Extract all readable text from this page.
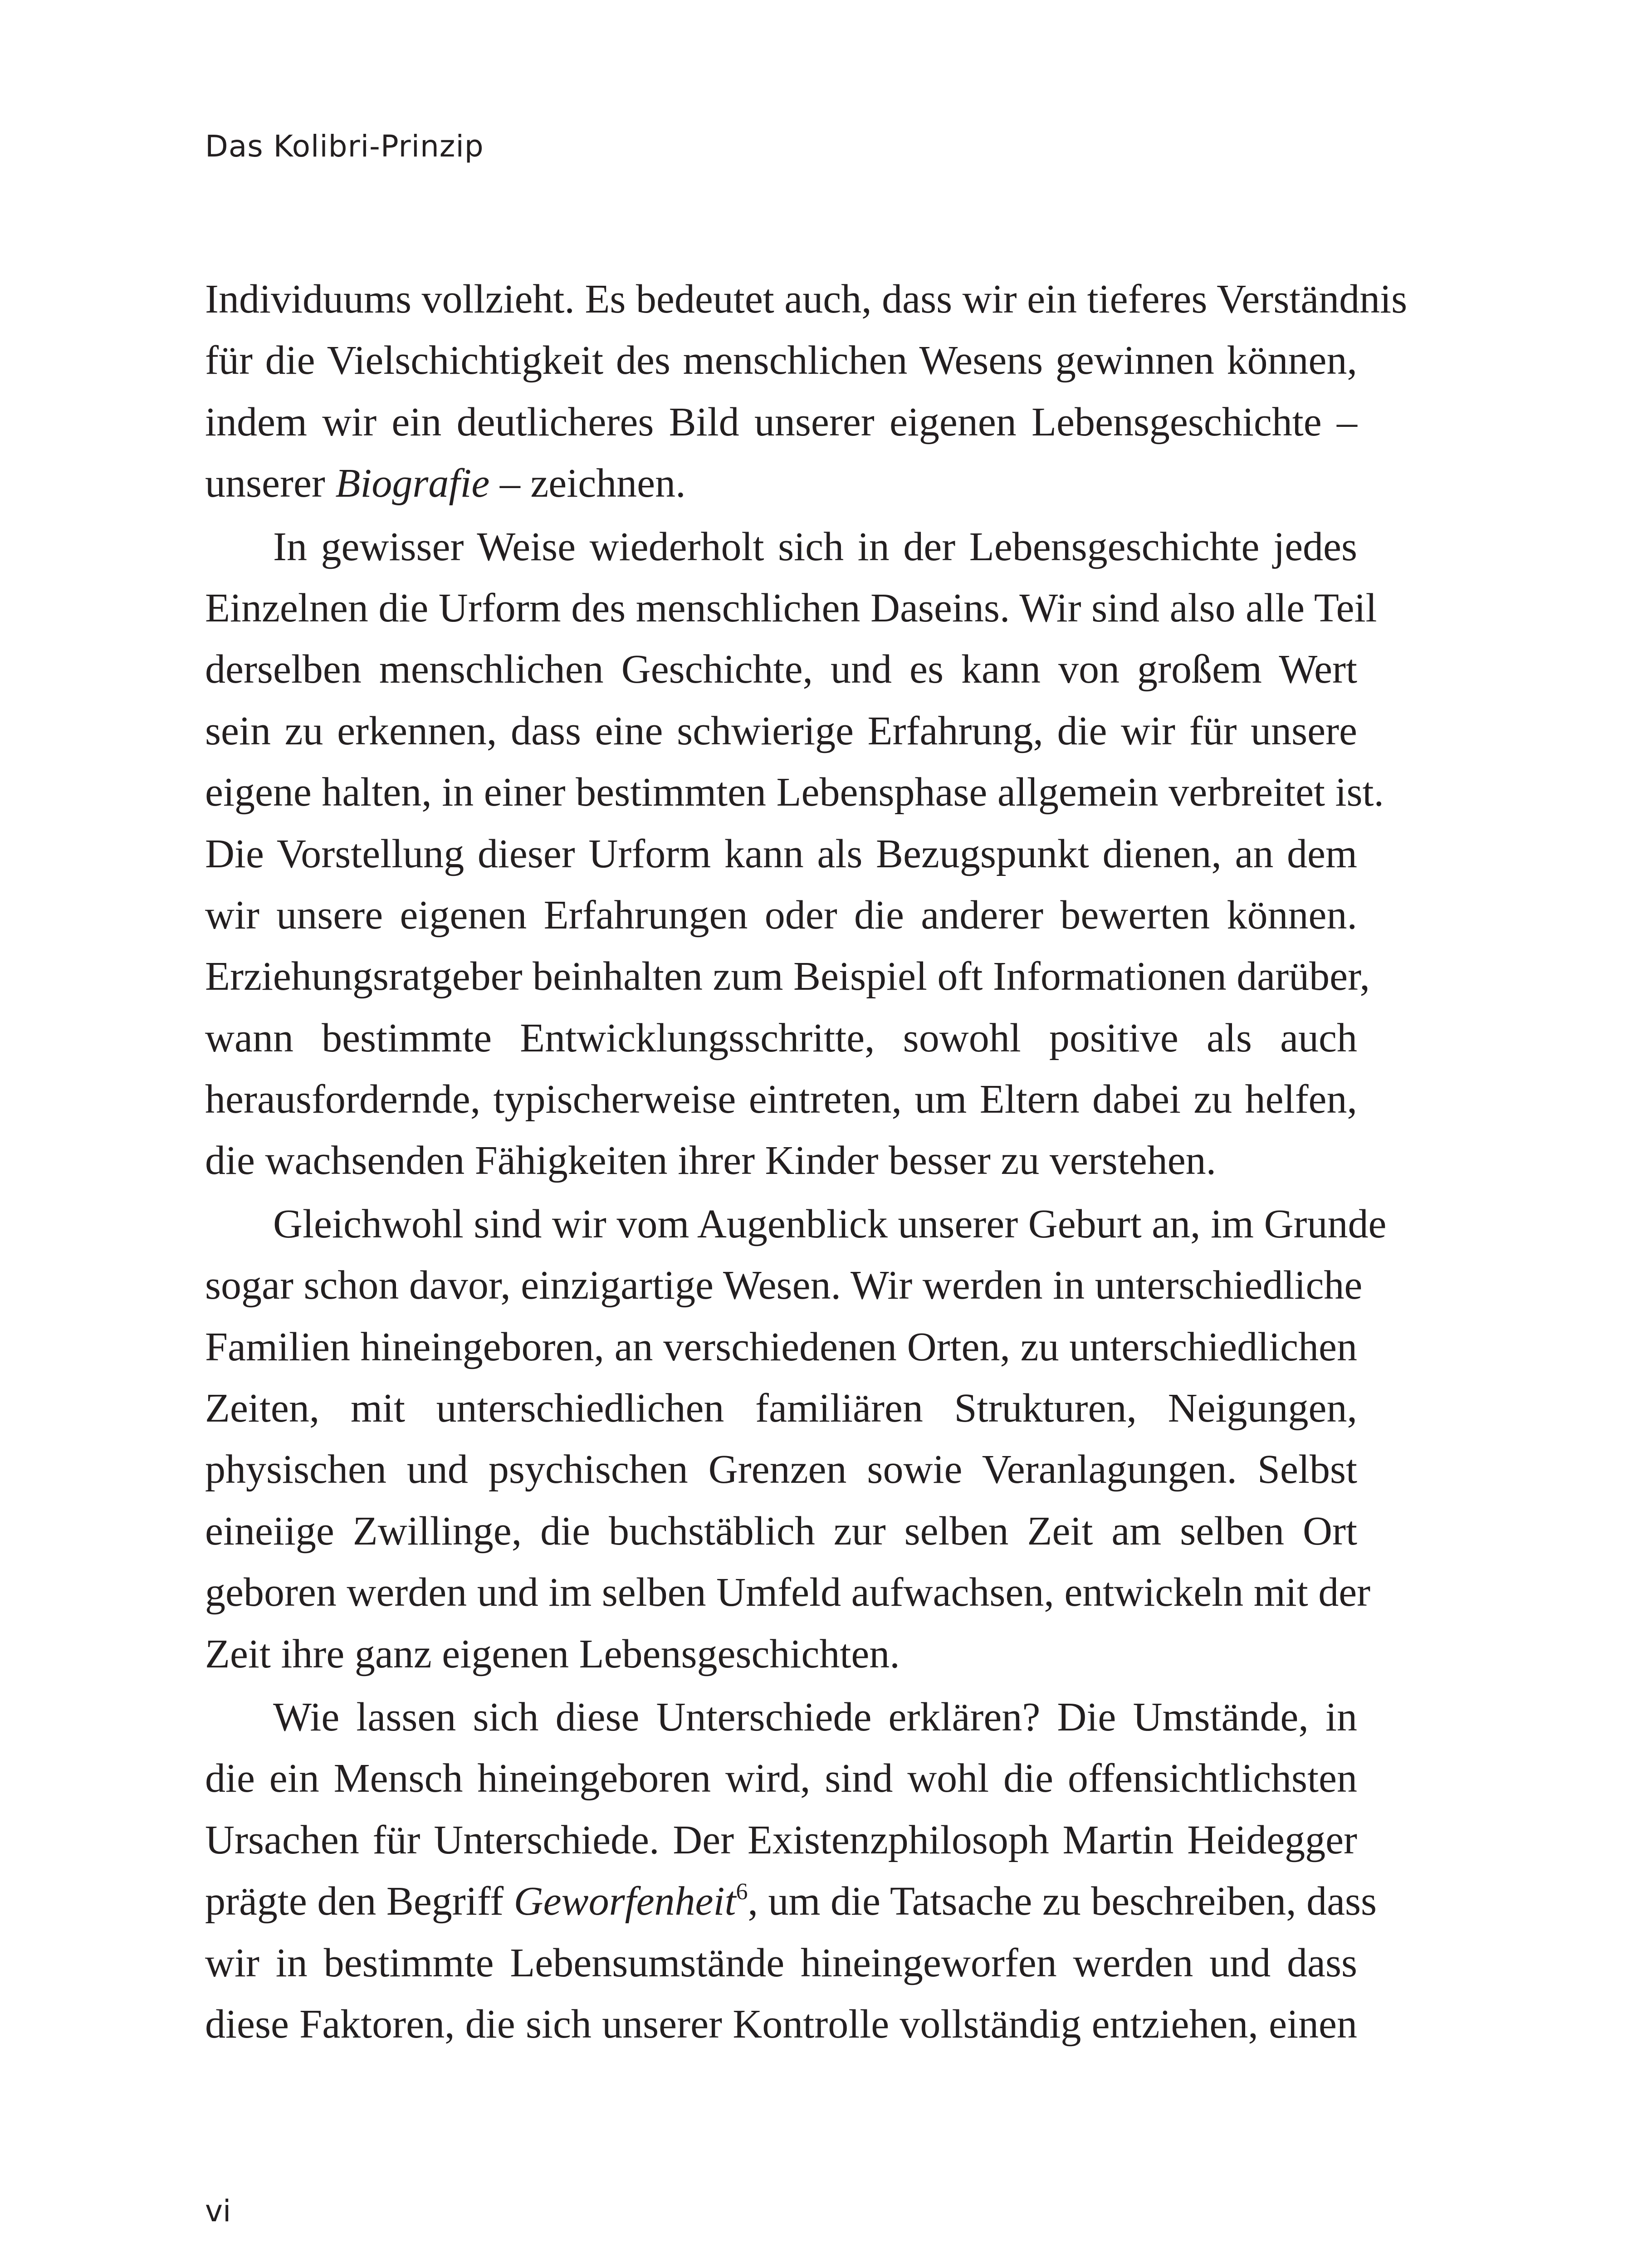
Das Kolibri-Prinzip
Individuums vollzieht. Es bedeutet auch, dass wir ein tieferes Verständnis
für die Vielschichtigkeit des menschlichen Wesens gewinnen können,
indem wir ein deutlicheres Bild unserer eigenen Lebensgeschichte –
unserer Biografie – zeichnen.
In gewisser Weise wiederholt sich in der Lebensgeschichte jedes
Einzelnen die Urform des menschlichen Daseins. Wir sind also alle Teil
derselben menschlichen Geschichte, und es kann von großem Wert
sein zu erkennen, dass eine schwierige Erfahrung, die wir für unsere
eigene halten, in einer bestimmten Lebensphase allgemein verbreitet ist.
Die Vorstellung dieser Urform kann als Bezugspunkt dienen, an dem
wir unsere eigenen Erfahrungen oder die anderer bewerten können.
Erziehungsratgeber beinhalten zum Beispiel oft Informationen darüber,
wann bestimmte Entwicklungsschritte, sowohl positive als auch
herausfordernde, typischerweise eintreten, um Eltern dabei zu helfen,
die wachsenden Fähigkeiten ihrer Kinder besser zu verstehen.
Gleichwohl sind wir vom Augenblick unserer Geburt an, im Grunde
sogar schon davor, einzigartige Wesen. Wir werden in unterschiedliche
Familien hineingeboren, an verschiedenen Orten, zu unterschiedlichen
Zeiten, mit unterschiedlichen familiären Strukturen, Neigungen,
physischen und psychischen Grenzen sowie Veranlagungen. Selbst
eineiige Zwillinge, die buchstäblich zur selben Zeit am selben Ort
geboren werden und im selben Umfeld aufwachsen, entwickeln mit der
Zeit ihre ganz eigenen Lebensgeschichten.
Wie lassen sich diese Unterschiede erklären? Die Umstände, in
die ein Mensch hineingeboren wird, sind wohl die offensichtlichsten
Ursachen für Unterschiede. Der Existenzphilosoph Martin Heidegger
prägte den Begriff Geworfenheit$^6$, um die Tatsache zu beschreiben, dass
wir in bestimmte Lebensumstände hineingeworfen werden und dass
diese Faktoren, die sich unserer Kontrolle vollständig entziehen, einen
vi
